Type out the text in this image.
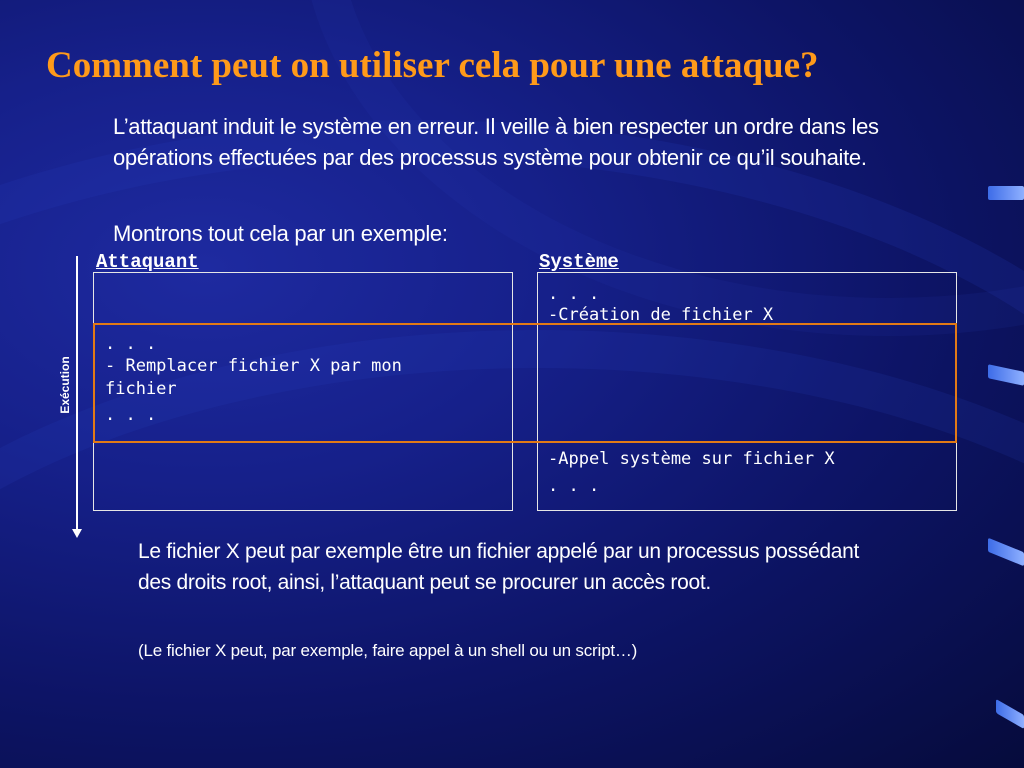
Comment peut on utiliser cela pour une attaque?

L’attaquant induit le système en erreur. Il veille à bien respecter un ordre dans les opérations effectuées par des processus système pour obtenir ce qu’il souhaite.

Montrons tout cela par un exemple:

Attaquant	Système
. . .
-Création de fichier X
. . .
- Remplacer fichier X par mon
fichier
. . .
-Appel système sur fichier X
. . .
Exécution

Le fichier X peut par exemple être un fichier appelé par un processus possédant des droits root, ainsi, l’attaquant peut se procurer un accès root.

(Le fichier X peut, par exemple, faire appel à un shell ou un script…)
